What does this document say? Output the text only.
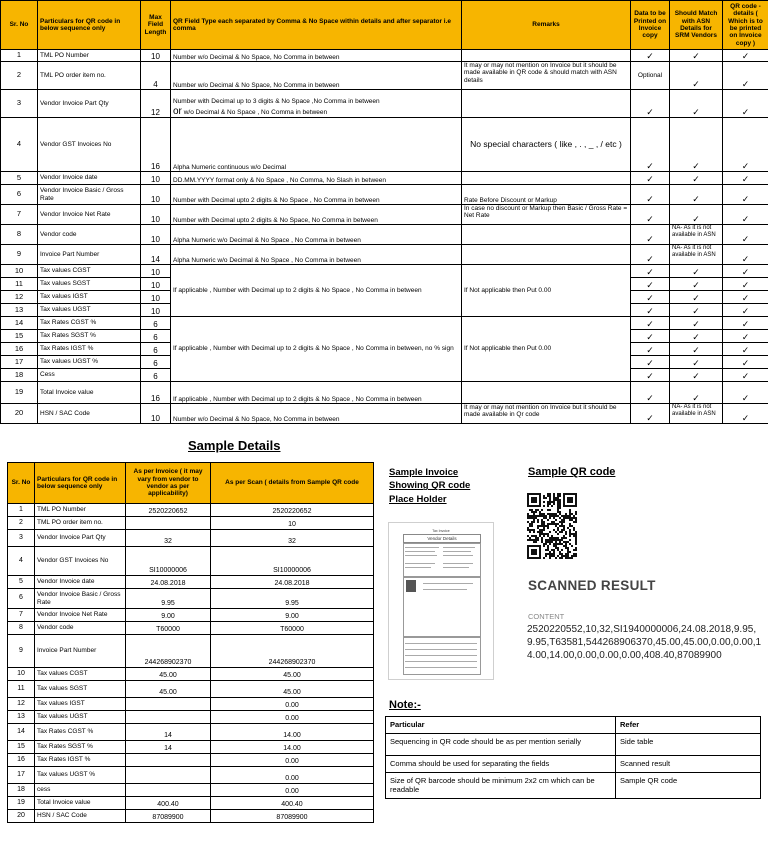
Sr. No	Particulars for QR code in below sequence only	Max Field Length	QR Field Type each separated by Comma & No Space within details and after separator i.e comma	Remarks	Data to be Printed on Invoice copy	Should Match with ASN Details for SRM Vendors	QR code - details ( Which is to be printed on Invoice copy )
1	TML PO Number	10	Number w/o Decimal & No Space, No Comma in between		✓	✓	✓
2	TML PO order item no.	4	Number w/o Decimal & No Space, No Comma in between	It may or may not mention on Invoice but it should be made available in QR code & should match with ASN details	Optional	✓	✓
3	Vendor Invoice Part Qty	12	Number with Decimal up to 3 digits & No Space ,No Comma in between
or w/o Decimal & No Space , No Comma in between		✓	✓	✓
4	Vendor GST Invoices No	16	Alpha Numeric continuous w/o Decimal	No special characters ( like , . , _ , / etc )	✓	✓	✓
5	Vendor Invoice date	10	DD.MM.YYYY format only & No Space , No Comma, No Slash in between		✓	✓	✓
6	Vendor Invoice Basic / Gross Rate	10	Number with Decimal upto 2 digits & No Space , No Comma in between	Rate Before Discount or Markup	✓	✓	✓
7	Vendor Invoice Net Rate	10	Number with Decimal upto 2 digits & No Space, No Comma in between	In case no discount or Markup then Basic / Gross Rate = Net Rate	✓	✓	✓
8	Vendor code	10	Alpha Numeric w/o Decimal & No Space , No Comma in between		✓	NA- As it is not available in ASN	✓
9	Invoice Part Number	14	Alpha Numeric w/o Decimal & No Space , No Comma in between		✓	NA- As it is not available in ASN	✓
10	Tax values CGST	10	If applicable , Number with Decimal up to 2 digits & No Space , No Comma in between	If Not applicable then Put 0.00	✓	✓	✓
11	Tax values SGST	10			✓	✓	✓
12	Tax values IGST	10			✓	✓	✓
13	Tax values UGST	10			✓	✓	✓
14	Tax Rates CGST %	6	If applicable , Number with Decimal up to 2 digits & No Space , No Comma in between, no % sign	If Not applicable then Put 0.00	✓	✓	✓
15	Tax Rates SGST %	6			✓	✓	✓
16	Tax Rates IGST %	6			✓	✓	✓
17	Tax values UGST %	6			✓	✓	✓
18	Cess	6			✓	✓	✓
19	Total Invoice value	16	If applicable , Number with Decimal up to 2 digits & No Space , No Comma in between		✓	✓	✓
20	HSN / SAC Code	10	Number w/o Decimal & No Space, No Comma in between	It may or may not mention on Invoice but it should be made available in Qr code	✓	NA- As it is not available in ASN	✓
Sample Details
Sr. No	Particulars for QR code in below sequence only	As per Invoice ( it may vary from vendor to vendor as per applicability)	As per Scan ( details from Sample QR code
1	TML PO Number	2520220652	2520220652
2	TML PO order item no.		10
3	Vendor Invoice Part Qty	32	32
4	Vendor GST Invoices No	SI10000006	SI10000006
5	Vendor Invoice date	24.08.2018	24.08.2018
6	Vendor Invoice Basic / Gross Rate	9.95	9.95
7	Vendor Invoice Net Rate	9.00	9.00
8	Vendor code	T60000	T60000
9	Invoice Part Number	244268902370	244268902370
10	Tax values CGST	45.00	45.00
11	Tax values SGST	45.00	45.00
12	Tax values IGST		0.00
13	Tax values UGST		0.00
14	Tax Rates CGST %	14	14.00
15	Tax Rates SGST %	14	14.00
16	Tax Rates IGST %		0.00
17	Tax values UGST %		0.00
18	cess		0.00
19	Total Invoice value	400.40	400.40
20	HSN / SAC Code	87089900	87089900
Sample Invoice Showing QR code Place Holder
Tax Invoice
Vendor Details
Sample QR code
SCANNED RESULT
CONTENT
2520220552,10,32,SI1940000006,24.08.2018,9.95,9.95,T63581,544268906370,45.00,45.00,0.00,0.00,14.00,14.00,0.00,0.00,0.00,408.40,87089900
Note:-
Particular	Refer
Sequencing in QR code should be as per mention serially	Side table
Comma should be used for separating the fields	Scanned result
Size of QR barcode should be minimum 2x2 cm which can be readable	Sample QR code
